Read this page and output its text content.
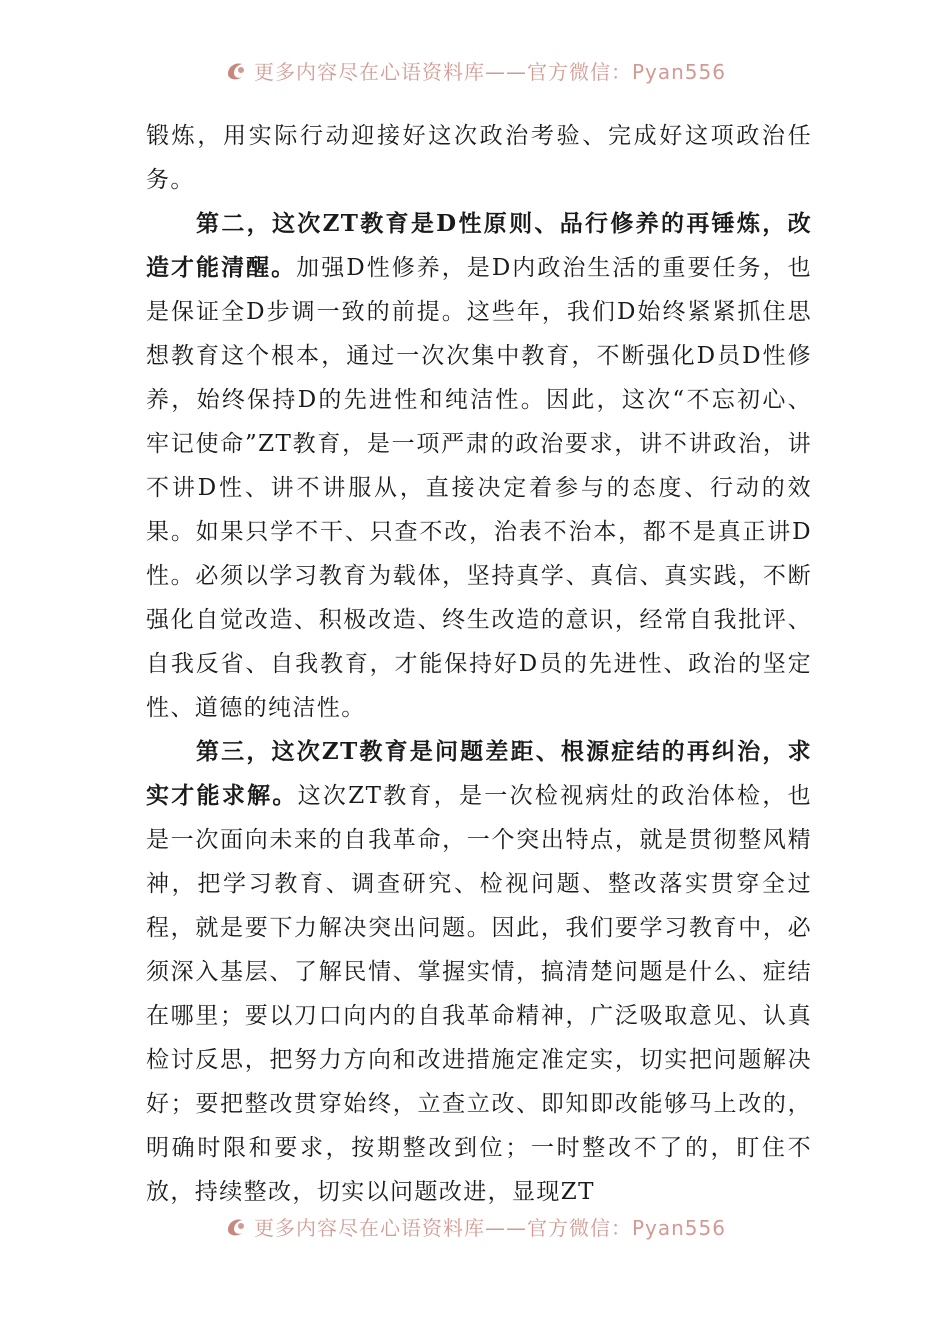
更多内容尽在心语资料库——官方微信：Pyan556

锻炼，用实际行动迎接好这次政治考验、完成好这项政治任务。

第二，这次ZT教育是D性原则、品行修养的再锤炼，改造才能清醒。加强D性修养，是D内政治生活的重要任务，也是保证全D步调一致的前提。这些年，我们D始终紧紧抓住思想教育这个根本，通过一次次集中教育，不断强化D员D性修养，始终保持D的先进性和纯洁性。因此，这次“不忘初心、牢记使命”ZT教育，是一项严肃的政治要求，讲不讲政治，讲不讲D性、讲不讲服从，直接决定着参与的态度、行动的效果。如果只学不干、只查不改，治表不治本，都不是真正讲D性。必须以学习教育为载体，坚持真学、真信、真实践，不断强化自觉改造、积极改造、终生改造的意识，经常自我批评、自我反省、自我教育，才能保持好D员的先进性、政治的坚定性、道德的纯洁性。

第三，这次ZT教育是问题差距、根源症结的再纠治，求实才能求解。这次ZT教育，是一次检视病灶的政治体检，也是一次面向未来的自我革命，一个突出特点，就是贯彻整风精神，把学习教育、调查研究、检视问题、整改落实贯穿全过程，就是要下力解决突出问题。因此，我们要学习教育中，必须深入基层、了解民情、掌握实情，搞清楚问题是什么、症结在哪里；要以刀口向内的自我革命精神，广泛吸取意见、认真检讨反思，把努力方向和改进措施定准定实，切实把问题解决好；要把整改贯穿始终，立查立改、即知即改能够马上改的，明确时限和要求，按期整改到位；一时整改不了的，盯住不放，持续整改，切实以问题改进，显现ZT

更多内容尽在心语资料库——官方微信：Pyan556
